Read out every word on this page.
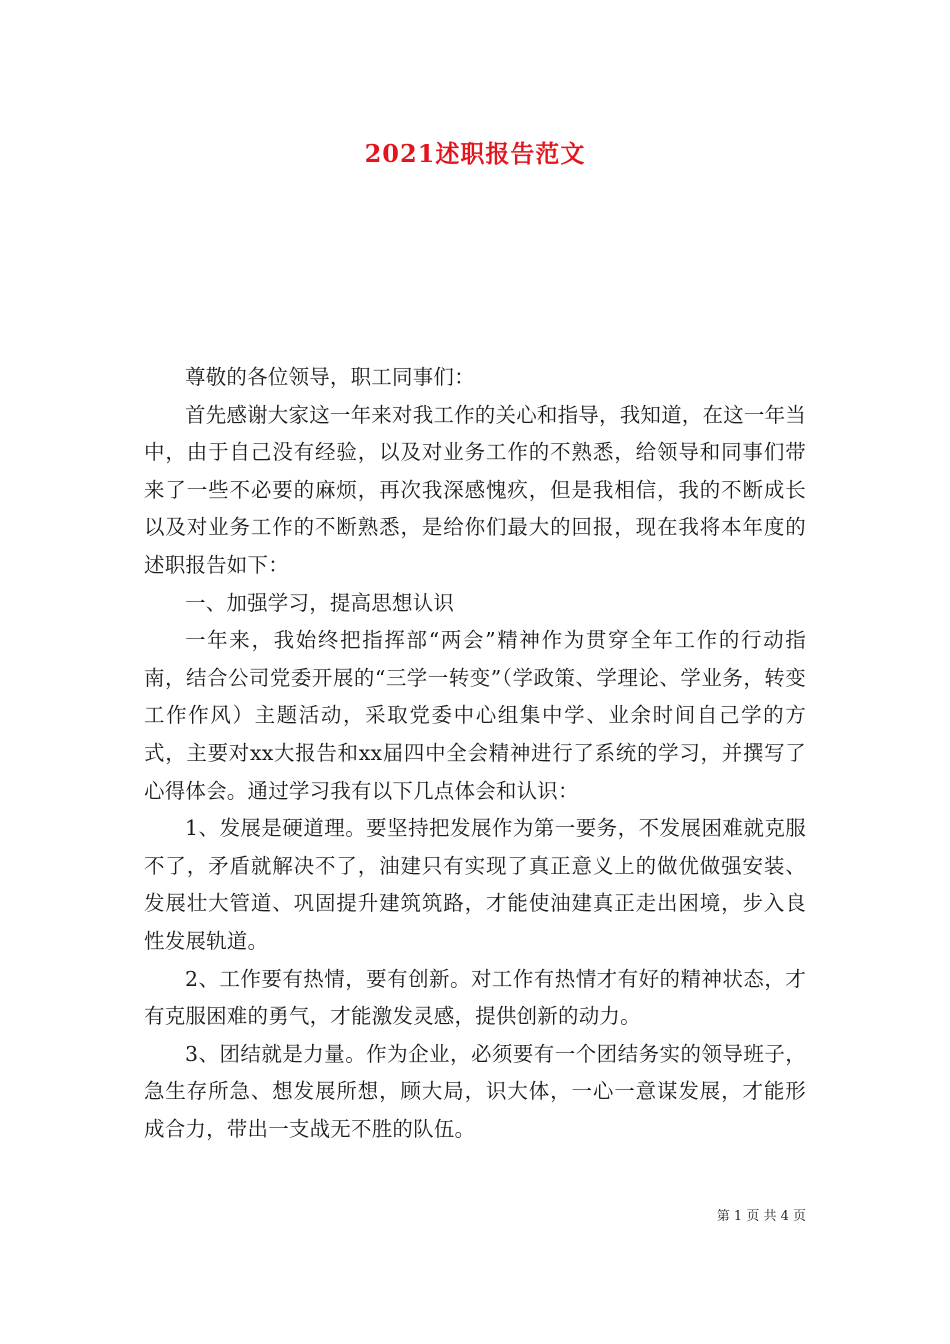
2021述职报告范文

尊敬的各位领导，职工同事们：

首先感谢大家这一年来对我工作的关心和指导，我知道，在这一年当中，由于自己没有经验，以及对业务工作的不熟悉，给领导和同事们带来了一些不必要的麻烦，再次我深感愧疚，但是我相信，我的不断成长以及对业务工作的不断熟悉，是给你们最大的回报，现在我将本年度的述职报告如下：

一、加强学习，提高思想认识

一年来，我始终把指挥部“两会”精神作为贯穿全年工作的行动指南，结合公司党委开展的“三学一转变”（学政策、学理论、学业务，转变工作作风）主题活动，采取党委中心组集中学、业余时间自己学的方式，主要对xx大报告和xx届四中全会精神进行了系统的学习，并撰写了心得体会。通过学习我有以下几点体会和认识：

1、发展是硬道理。要坚持把发展作为第一要务，不发展困难就克服不了，矛盾就解决不了，油建只有实现了真正意义上的做优做强安装、发展壮大管道、巩固提升建筑筑路，才能使油建真正走出困境，步入良性发展轨道。

2、工作要有热情，要有创新。对工作有热情才有好的精神状态，才有克服困难的勇气，才能激发灵感，提供创新的动力。

3、团结就是力量。作为企业，必须要有一个团结务实的领导班子，急生存所急、想发展所想，顾大局，识大体，一心一意谋发展，才能形成合力，带出一支战无不胜的队伍。

第 1 页 共 4 页
